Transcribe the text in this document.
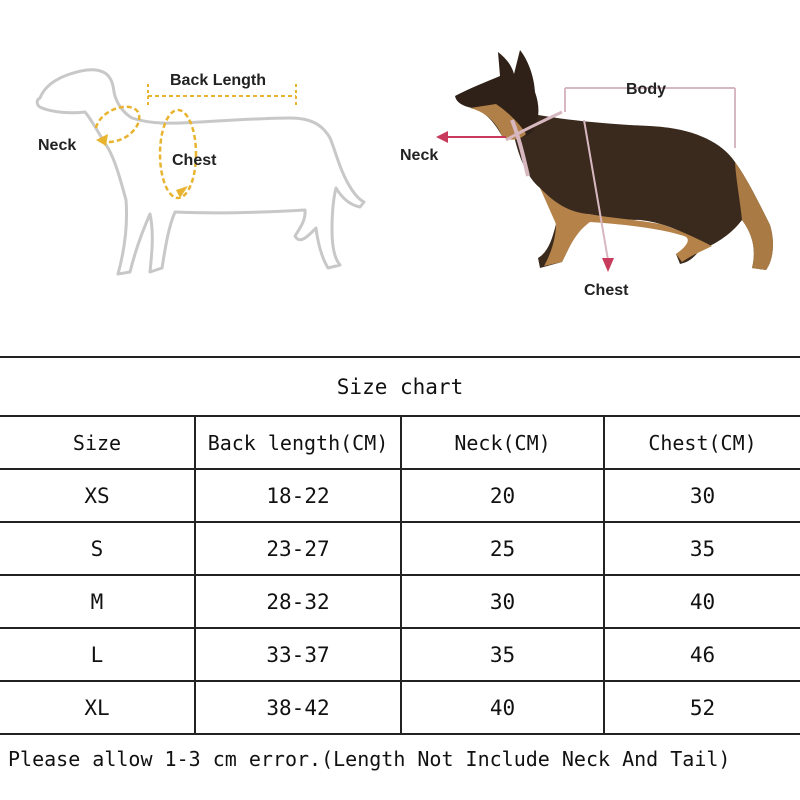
Back Length
Neck
Chest
Body
Neck
Chest
Size chart			
Size	Back length(CM)	Neck(CM)	Chest(CM)
XS	18-22	20	30
S	23-27	25	35
M	28-32	30	40
L	33-37	35	46
XL	38-42	40	52
Please allow 1-3 cm error.(Length Not Include Neck And Tail)			
